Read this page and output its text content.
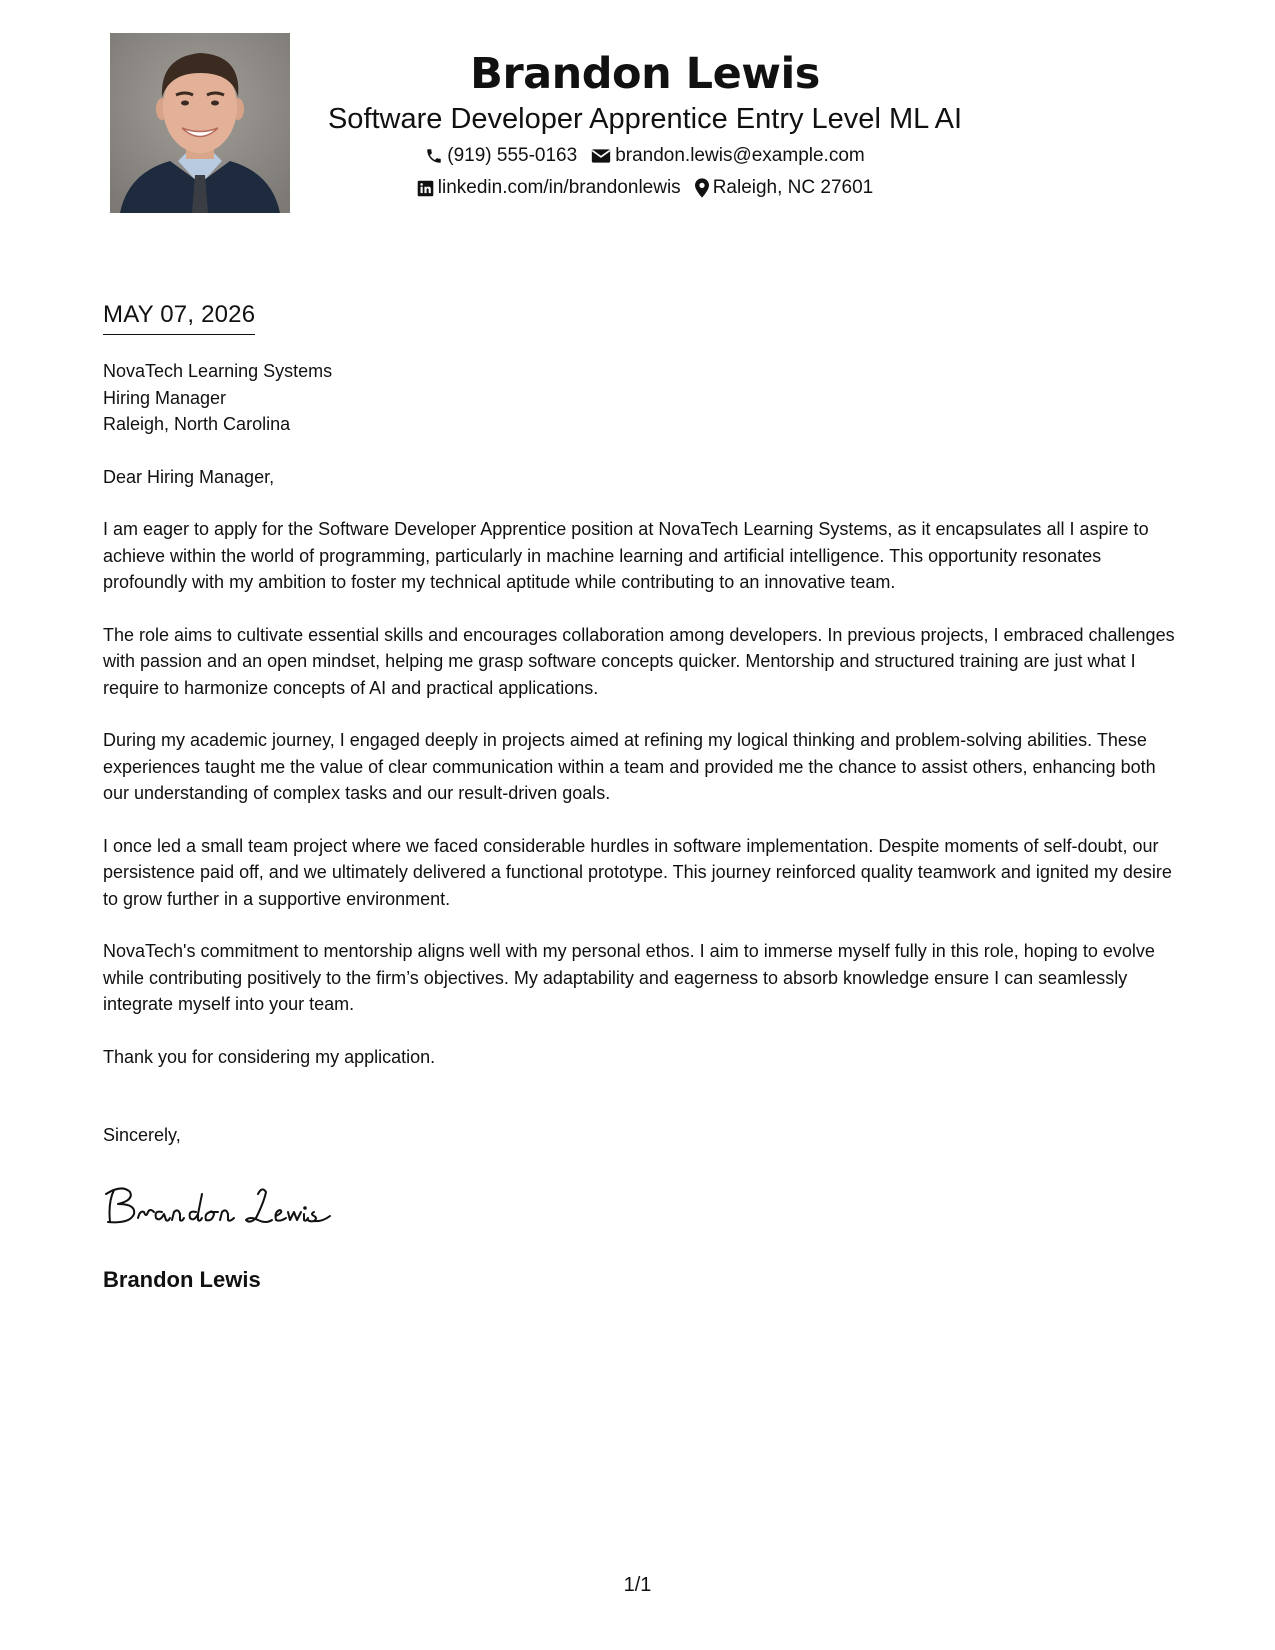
Brandon Lewis
Software Developer Apprentice Entry Level ML AI
(919) 555-0163 brandon.lewis@example.com
linkedin.com/in/brandonlewis Raleigh, NC 27601
MAY 07, 2026
NovaTech Learning Systems
Hiring Manager
Raleigh, North Carolina
Dear Hiring Manager,
I am eager to apply for the Software Developer Apprentice position at NovaTech Learning Systems, as it encapsulates all I aspire to achieve within the world of programming, particularly in machine learning and artificial intelligence. This opportunity resonates profoundly with my ambition to foster my technical aptitude while contributing to an innovative team.
The role aims to cultivate essential skills and encourages collaboration among developers. In previous projects, I embraced challenges with passion and an open mindset, helping me grasp software concepts quicker. Mentorship and structured training are just what I require to harmonize concepts of AI and practical applications.
During my academic journey, I engaged deeply in projects aimed at refining my logical thinking and problem-solving abilities. These experiences taught me the value of clear communication within a team and provided me the chance to assist others, enhancing both our understanding of complex tasks and our result-driven goals.
I once led a small team project where we faced considerable hurdles in software implementation. Despite moments of self-doubt, our persistence paid off, and we ultimately delivered a functional prototype. This journey reinforced quality teamwork and ignited my desire to grow further in a supportive environment.
NovaTech's commitment to mentorship aligns well with my personal ethos. I aim to immerse myself fully in this role, hoping to evolve while contributing positively to the firm’s objectives. My adaptability and eagerness to absorb knowledge ensure I can seamlessly integrate myself into your team.
Thank you for considering my application.
Sincerely,
Brandon Lewis
1/1
